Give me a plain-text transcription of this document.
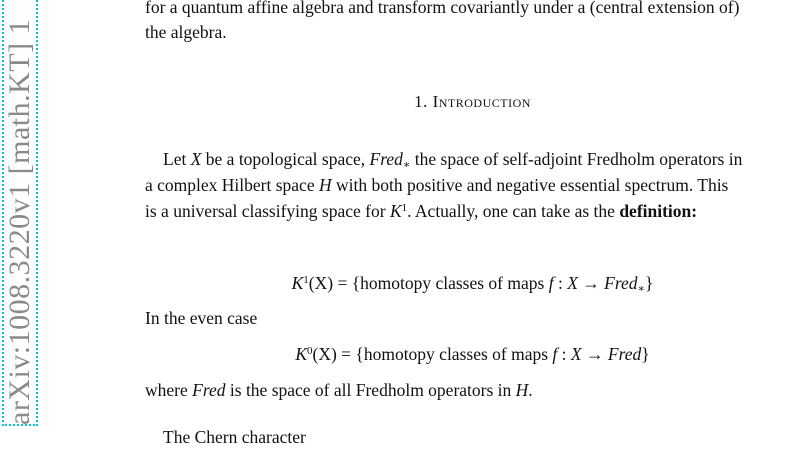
arXiv:1008.3220v1 [math.KT] 1
for a quantum affine algebra and transform covariantly under a (central extension of)
the algebra.
1. Introduction
Let X be a topological space, Fred$_∗$ the space of self-adjoint Fredholm operators in
a complex Hilbert space H with both positive and negative essential spectrum. This
is a universal classifying space for $K^1$. Actually, one can take as the definition:
$K^1(X)$ = {homotopy classes of maps f : X → Fred$_∗$}
In the even case
$K^0(X)$ = {homotopy classes of maps f : X → Fred}
where Fred is the space of all Fredholm operators in H.
The Chern character
